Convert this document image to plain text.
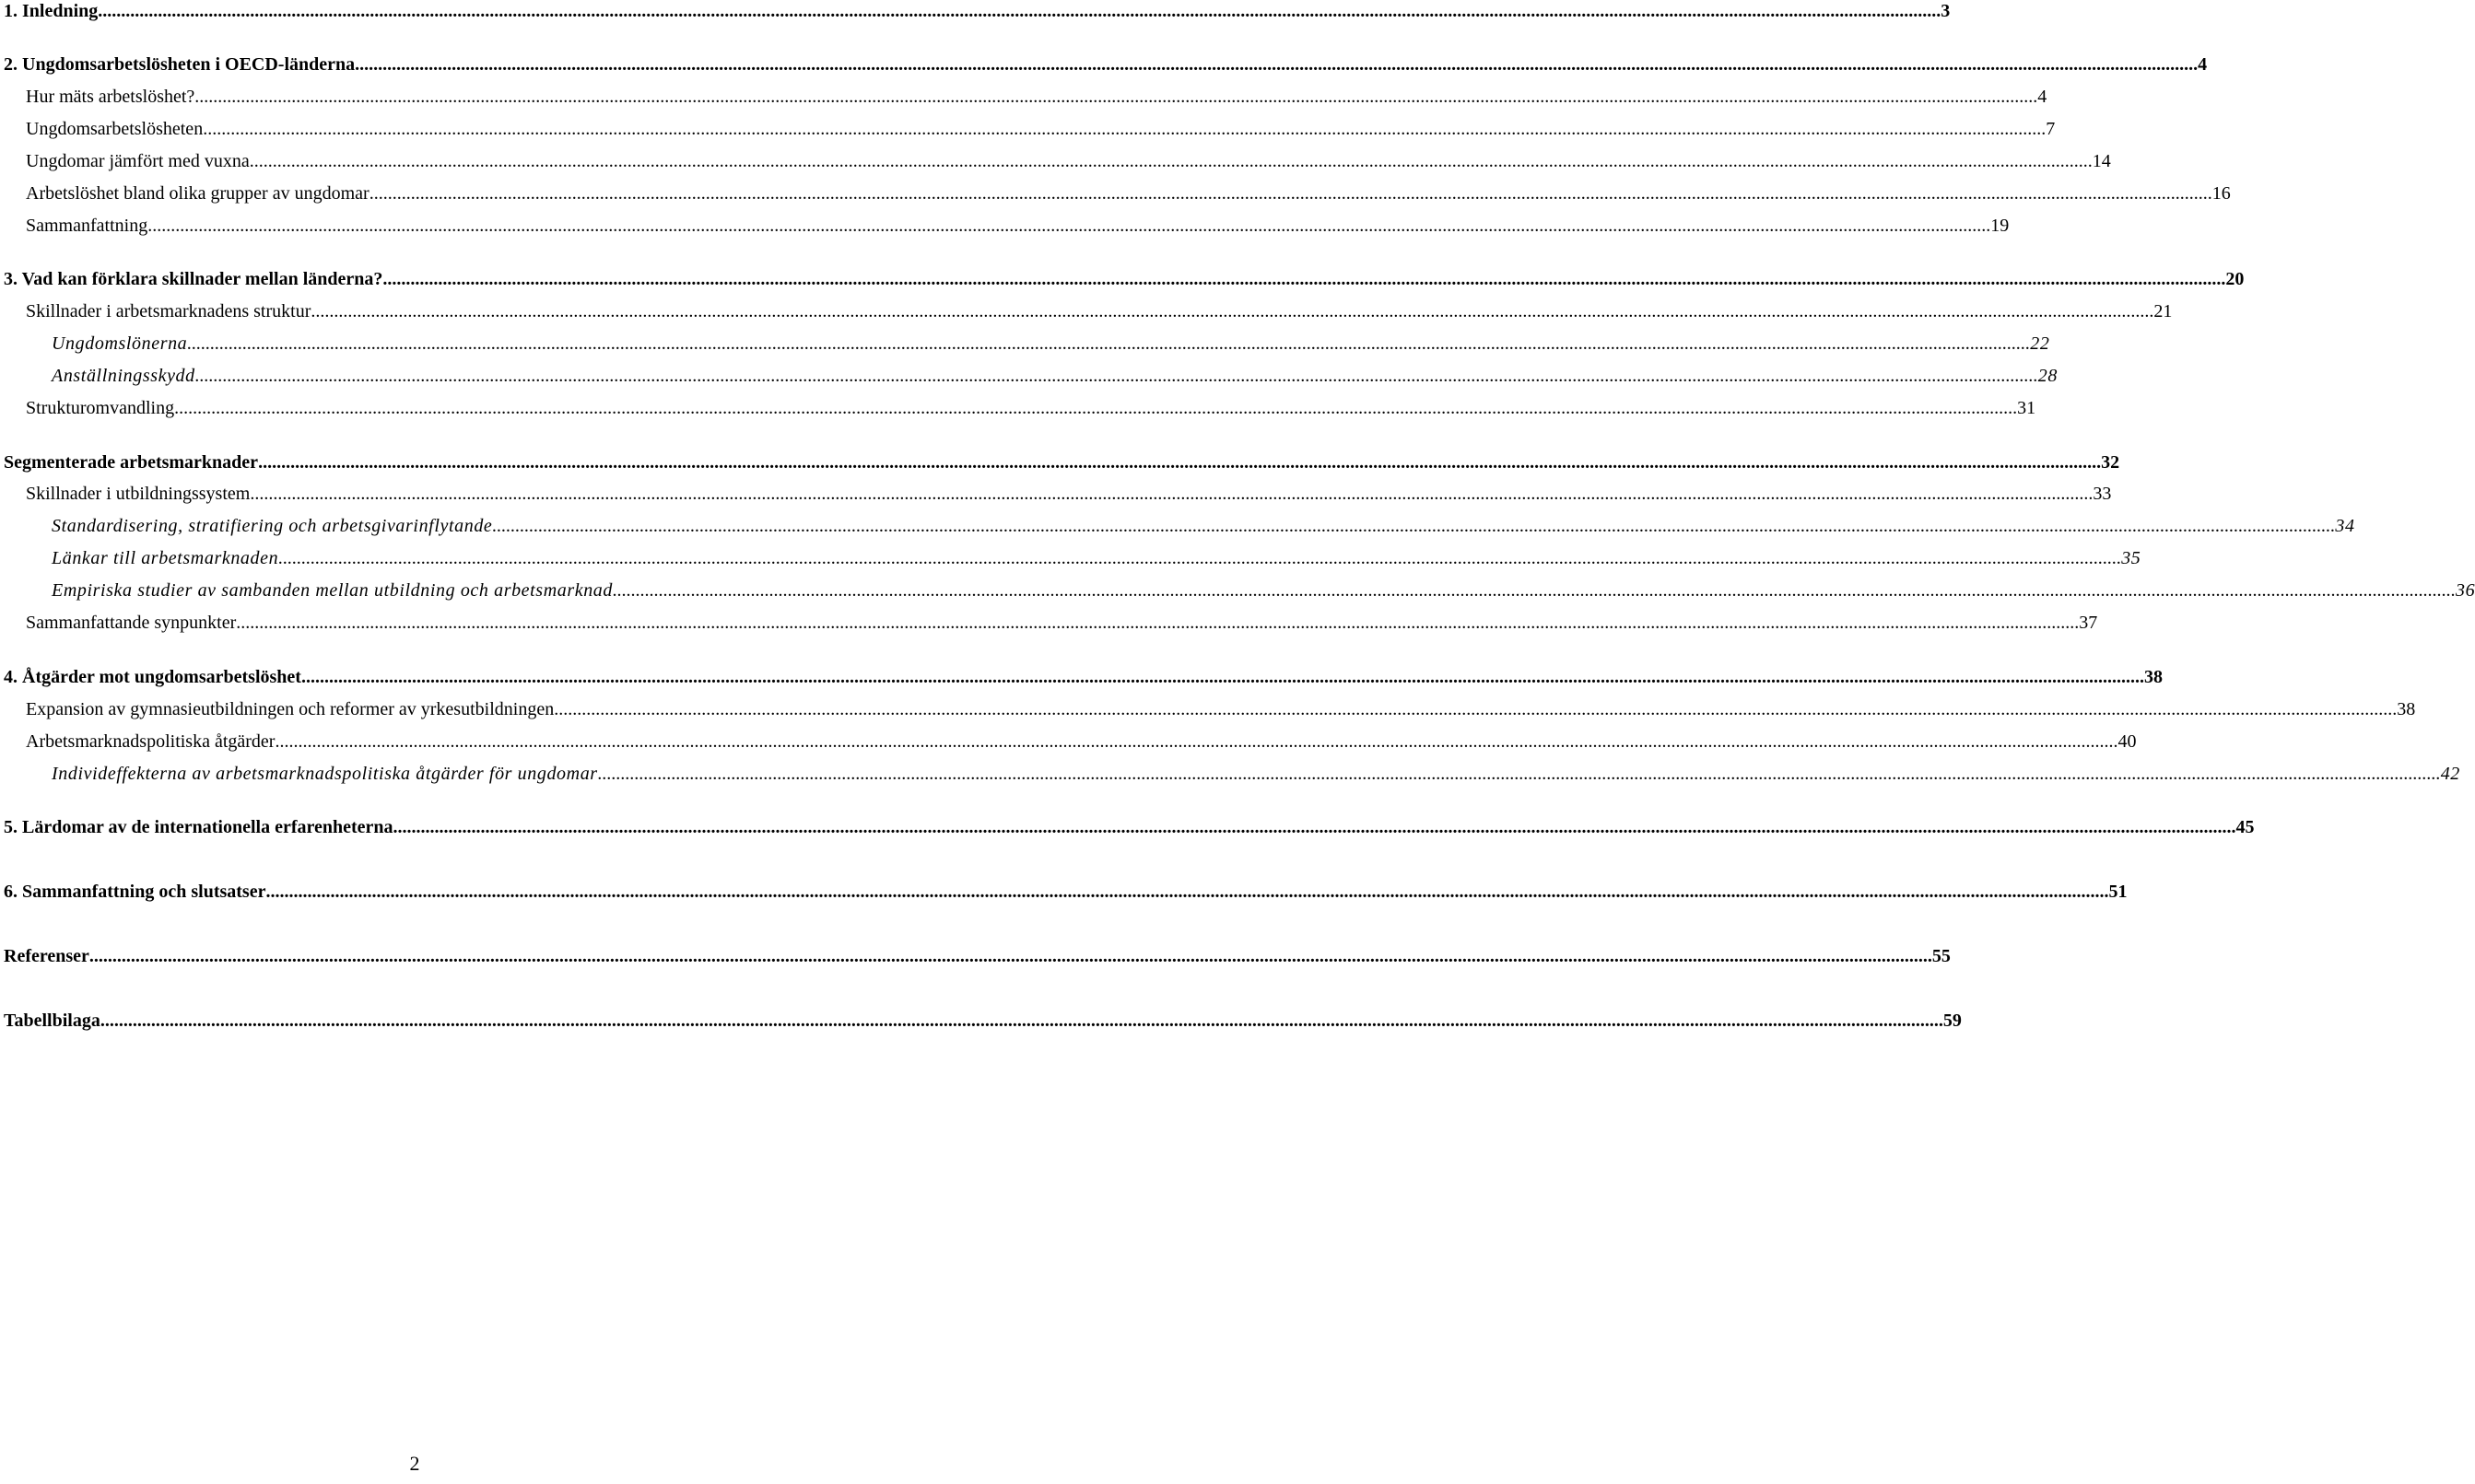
1. Inledning ................................................................................................................................................................................................................................................................................................................................................................................................................ 3
2. Ungdomsarbetslösheten i OECD-länderna ................................................................................................................................................................................................................................................................................................................................................................................................................ 4
Hur mäts arbetslöshet? ................................................................................................................................................................................................................................................................................................................................................................................................................ 4
Ungdomsarbetslösheten ................................................................................................................................................................................................................................................................................................................................................................................................................ 7
Ungdomar jämfört med vuxna ................................................................................................................................................................................................................................................................................................................................................................................................................ 14
Arbetslöshet bland olika grupper av ungdomar ................................................................................................................................................................................................................................................................................................................................................................................................................ 16
Sammanfattning ................................................................................................................................................................................................................................................................................................................................................................................................................ 19
3. Vad kan förklara skillnader mellan länderna? ................................................................................................................................................................................................................................................................................................................................................................................................................ 20
Skillnader i arbetsmarknadens struktur ................................................................................................................................................................................................................................................................................................................................................................................................................ 21
Ungdomslönerna ................................................................................................................................................................................................................................................................................................................................................................................................................ 22
Anställningsskydd ................................................................................................................................................................................................................................................................................................................................................................................................................ 28
Strukturomvandling ................................................................................................................................................................................................................................................................................................................................................................................................................ 31
Segmenterade arbetsmarknader ................................................................................................................................................................................................................................................................................................................................................................................................................ 32
Skillnader i utbildningssystem ................................................................................................................................................................................................................................................................................................................................................................................................................ 33
Standardisering, stratifiering och arbetsgivarinflytande ................................................................................................................................................................................................................................................................................................................................................................................................................ 34
Länkar till arbetsmarknaden ................................................................................................................................................................................................................................................................................................................................................................................................................ 35
Empiriska studier av sambanden mellan utbildning och arbetsmarknad ................................................................................................................................................................................................................................................................................................................................................................................................................ 36
Sammanfattande synpunkter ................................................................................................................................................................................................................................................................................................................................................................................................................ 37
4. Åtgärder mot ungdomsarbetslöshet ................................................................................................................................................................................................................................................................................................................................................................................................................ 38
Expansion av gymnasieutbildningen och reformer av yrkesutbildningen ................................................................................................................................................................................................................................................................................................................................................................................................................ 38
Arbetsmarknadspolitiska åtgärder ................................................................................................................................................................................................................................................................................................................................................................................................................ 40
Individeffekterna av arbetsmarknadspolitiska åtgärder för ungdomar ................................................................................................................................................................................................................................................................................................................................................................................................................ 42
5. Lärdomar av de internationella erfarenheterna ................................................................................................................................................................................................................................................................................................................................................................................................................ 45
6. Sammanfattning och slutsatser ................................................................................................................................................................................................................................................................................................................................................................................................................ 51
Referenser ................................................................................................................................................................................................................................................................................................................................................................................................................ 55
Tabellbilaga ................................................................................................................................................................................................................................................................................................................................................................................................................ 59
2
